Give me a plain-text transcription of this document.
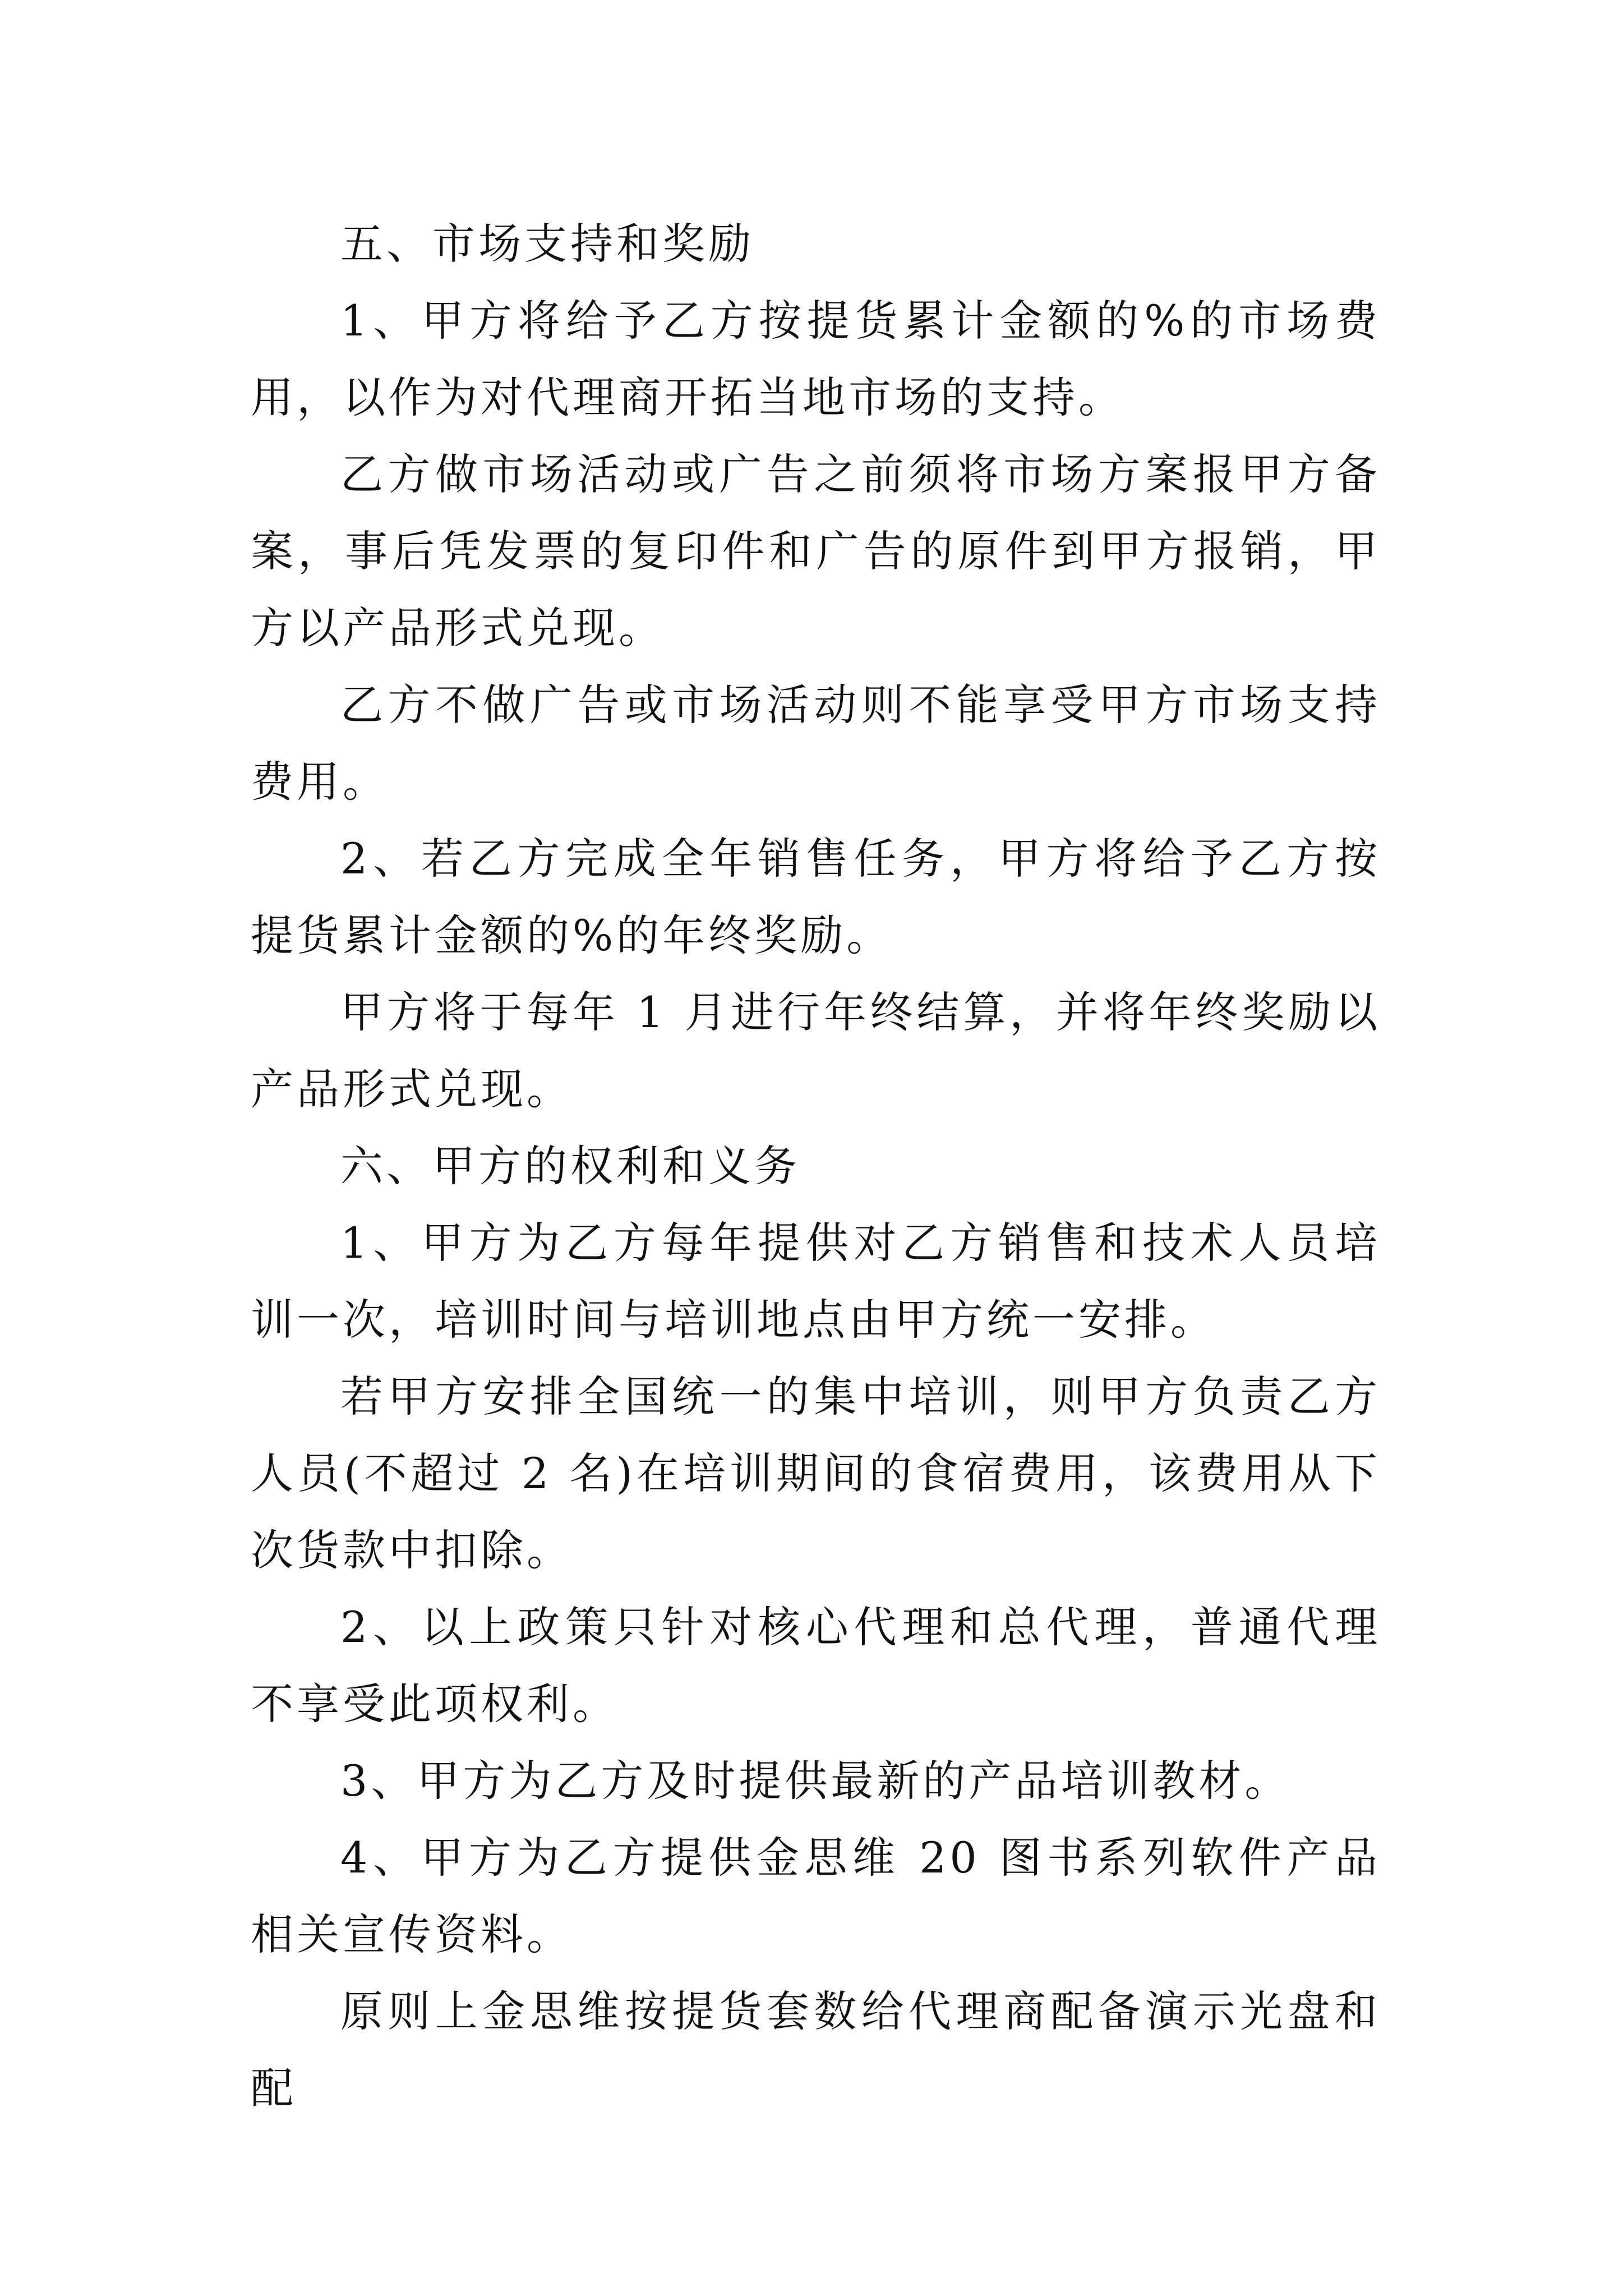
五、市场支持和奖励

1、甲方将给予乙方按提货累计金额的%的市场费用，以作为对代理商开拓当地市场的支持。

乙方做市场活动或广告之前须将市场方案报甲方备案，事后凭发票的复印件和广告的原件到甲方报销，甲方以产品形式兑现。

乙方不做广告或市场活动则不能享受甲方市场支持费用。

2、若乙方完成全年销售任务，甲方将给予乙方按提货累计金额的%的年终奖励。

甲方将于每年 1 月进行年终结算，并将年终奖励以产品形式兑现。

六、甲方的权利和义务

1、甲方为乙方每年提供对乙方销售和技术人员培训一次，培训时间与培训地点由甲方统一安排。

若甲方安排全国统一的集中培训，则甲方负责乙方人员(不超过 2 名)在培训期间的食宿费用，该费用从下次货款中扣除。

2、以上政策只针对核心代理和总代理，普通代理不享受此项权利。

3、甲方为乙方及时提供最新的产品培训教材。

4、甲方为乙方提供金思维 20 图书系列软件产品相关宣传资料。

原则上金思维按提货套数给代理商配备演示光盘和配
